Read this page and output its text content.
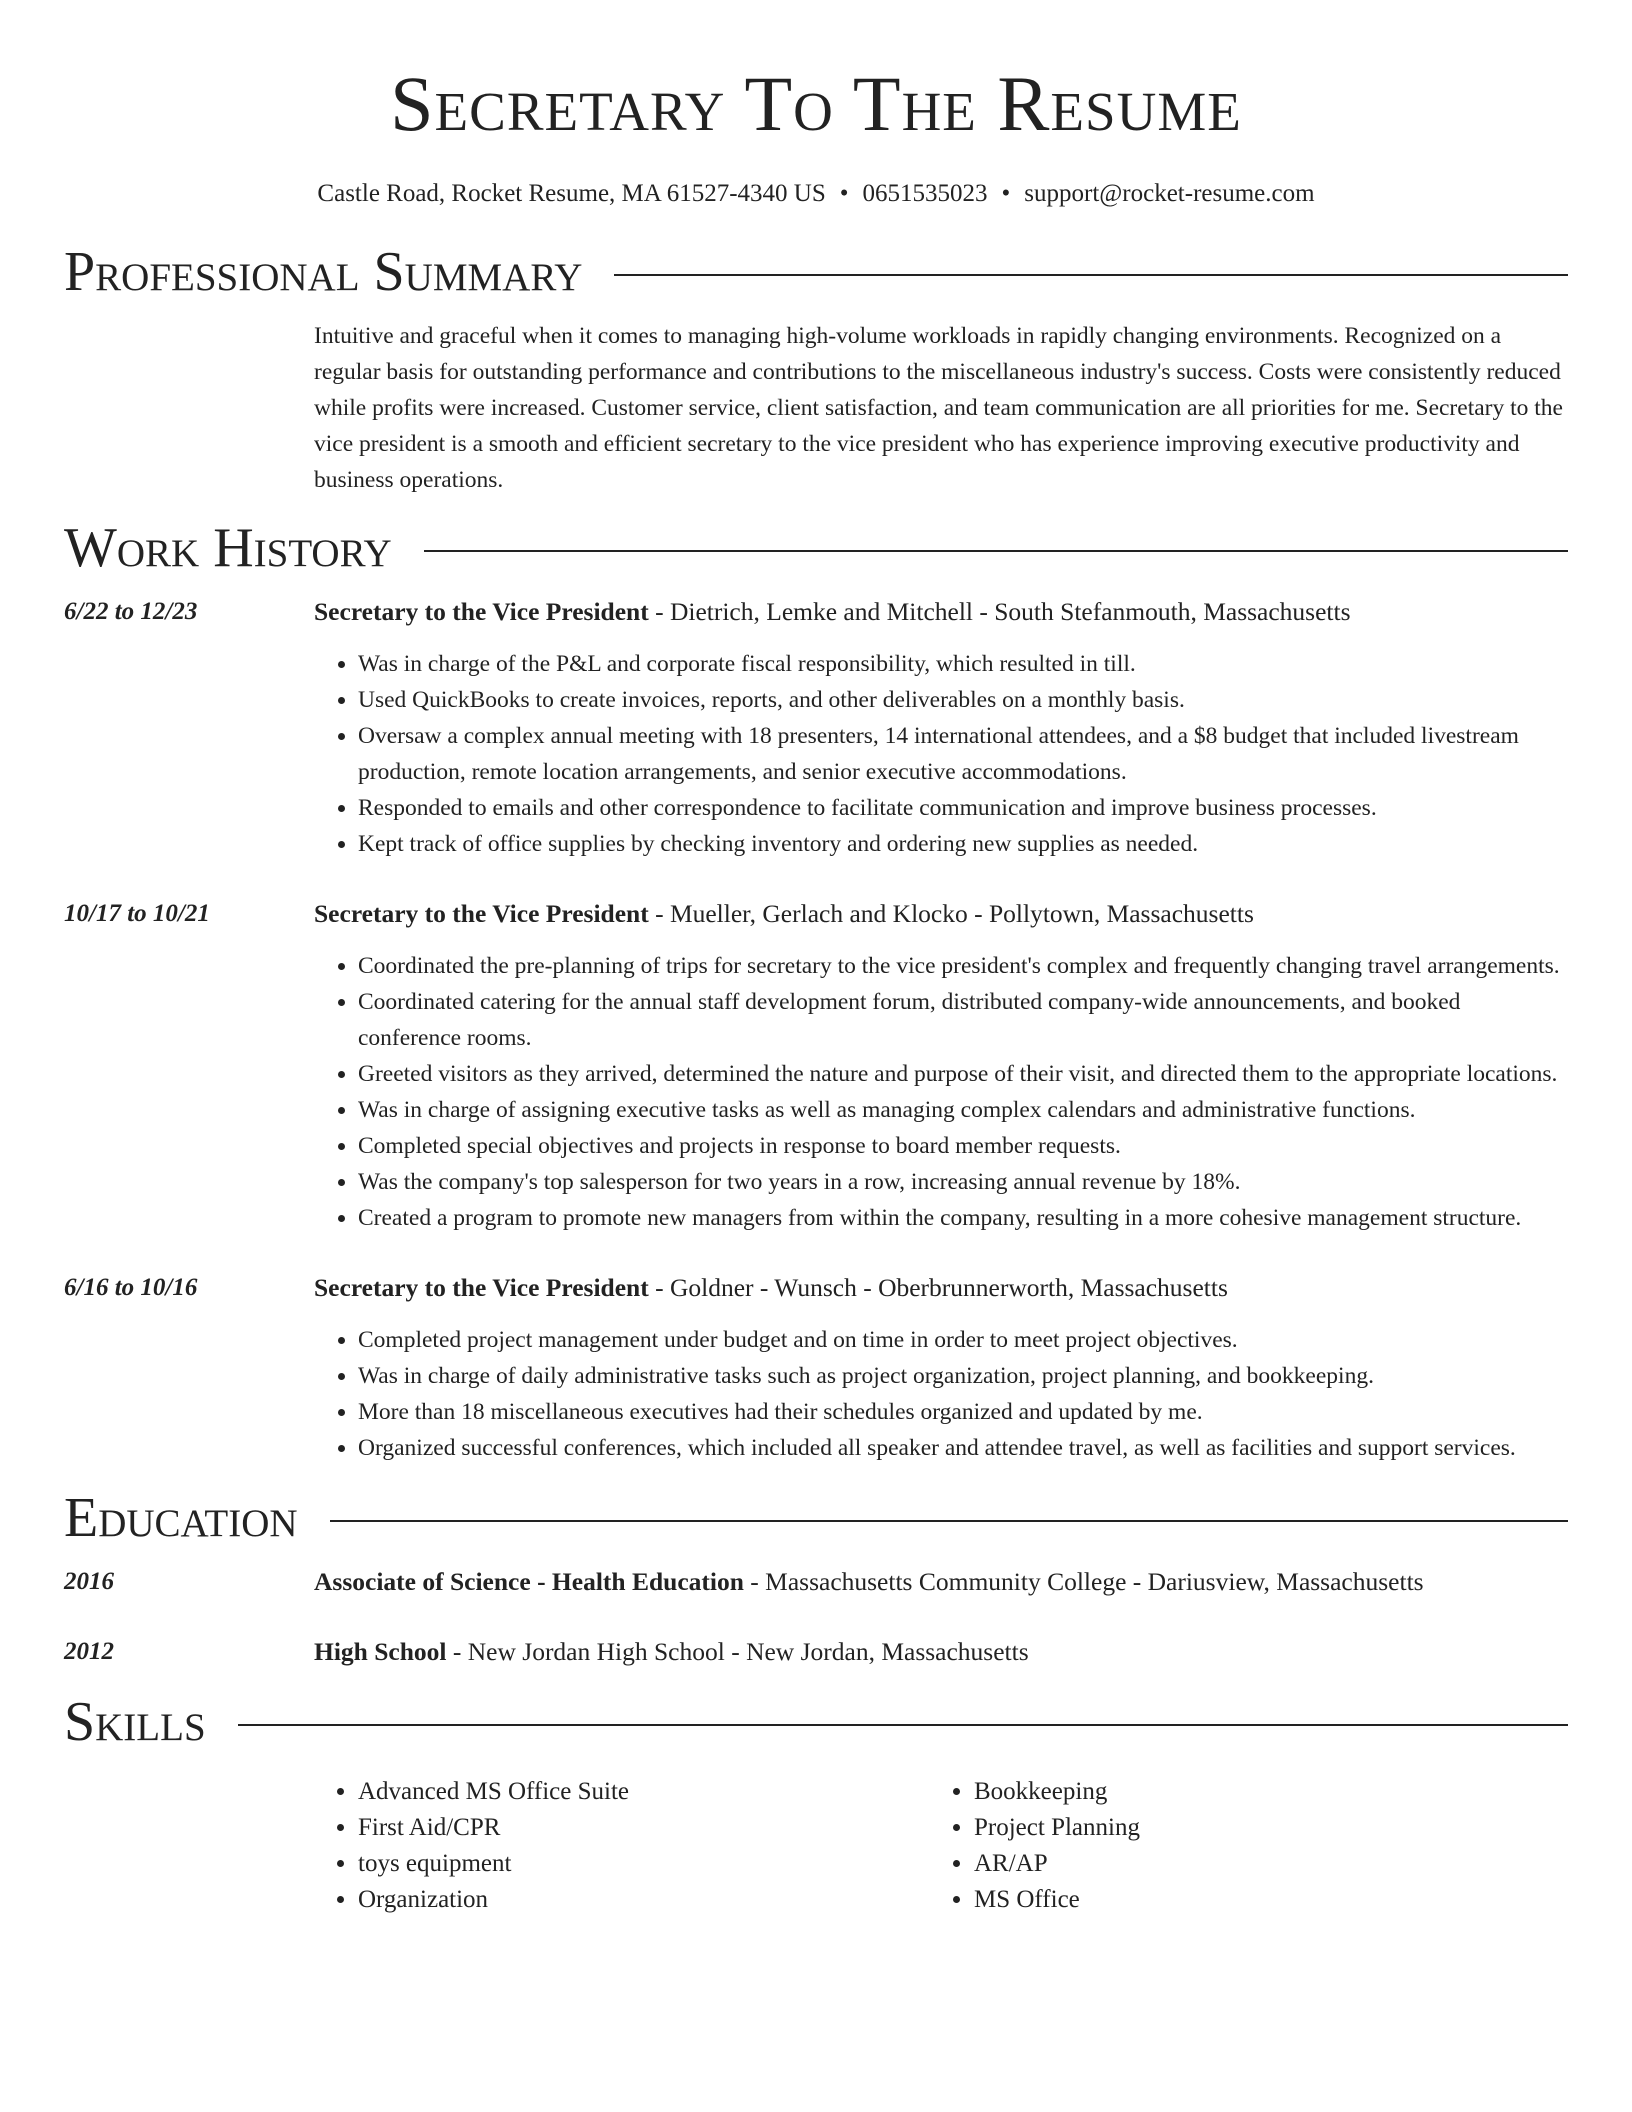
Secretary To The Resume
Castle Road, Rocket Resume, MA 61527-4340 US • 0651535023 • support@rocket-resume.com
Professional Summary

Intuitive and graceful when it comes to managing high-volume workloads in rapidly changing environments. Recognized on a regular basis for outstanding performance and contributions to the miscellaneous industry's success. Costs were consistently reduced while profits were increased. Customer service, client satisfaction, and team communication are all priorities for me. Secretary to the vice president is a smooth and efficient secretary to the vice president who has experience improving executive productivity and business operations.

Work History
6/22 to 12/23	Secretary to the Vice President - Dietrich, Lemke and Mitchell - South Stefanmouth, Massachusetts
• Was in charge of the P&L and corporate fiscal responsibility, which resulted in till.
• Used QuickBooks to create invoices, reports, and other deliverables on a monthly basis.
• Oversaw a complex annual meeting with 18 presenters, 14 international attendees, and a $8 budget that included livestream production, remote location arrangements, and senior executive accommodations.
• Responded to emails and other correspondence to facilitate communication and improve business processes.
• Kept track of office supplies by checking inventory and ordering new supplies as needed.
10/17 to 10/21	Secretary to the Vice President - Mueller, Gerlach and Klocko - Pollytown, Massachusetts
• Coordinated the pre-planning of trips for secretary to the vice president's complex and frequently changing travel arrangements.
• Coordinated catering for the annual staff development forum, distributed company-wide announcements, and booked conference rooms.
• Greeted visitors as they arrived, determined the nature and purpose of their visit, and directed them to the appropriate locations.
• Was in charge of assigning executive tasks as well as managing complex calendars and administrative functions.
• Completed special objectives and projects in response to board member requests.
• Was the company's top salesperson for two years in a row, increasing annual revenue by 18%.
• Created a program to promote new managers from within the company, resulting in a more cohesive management structure.
6/16 to 10/16	Secretary to the Vice President - Goldner - Wunsch - Oberbrunnerworth, Massachusetts
• Completed project management under budget and on time in order to meet project objectives.
• Was in charge of daily administrative tasks such as project organization, project planning, and bookkeeping.
• More than 18 miscellaneous executives had their schedules organized and updated by me.
• Organized successful conferences, which included all speaker and attendee travel, as well as facilities and support services.
Education
2016	Associate of Science - Health Education - Massachusetts Community College - Dariusview, Massachusetts
2012	High School - New Jordan High School - New Jordan, Massachusetts
Skills
• Advanced MS Office Suite
• First Aid/CPR
• toys equipment
• Organization
• Bookkeeping
• Project Planning
• AR/AP
• MS Office
